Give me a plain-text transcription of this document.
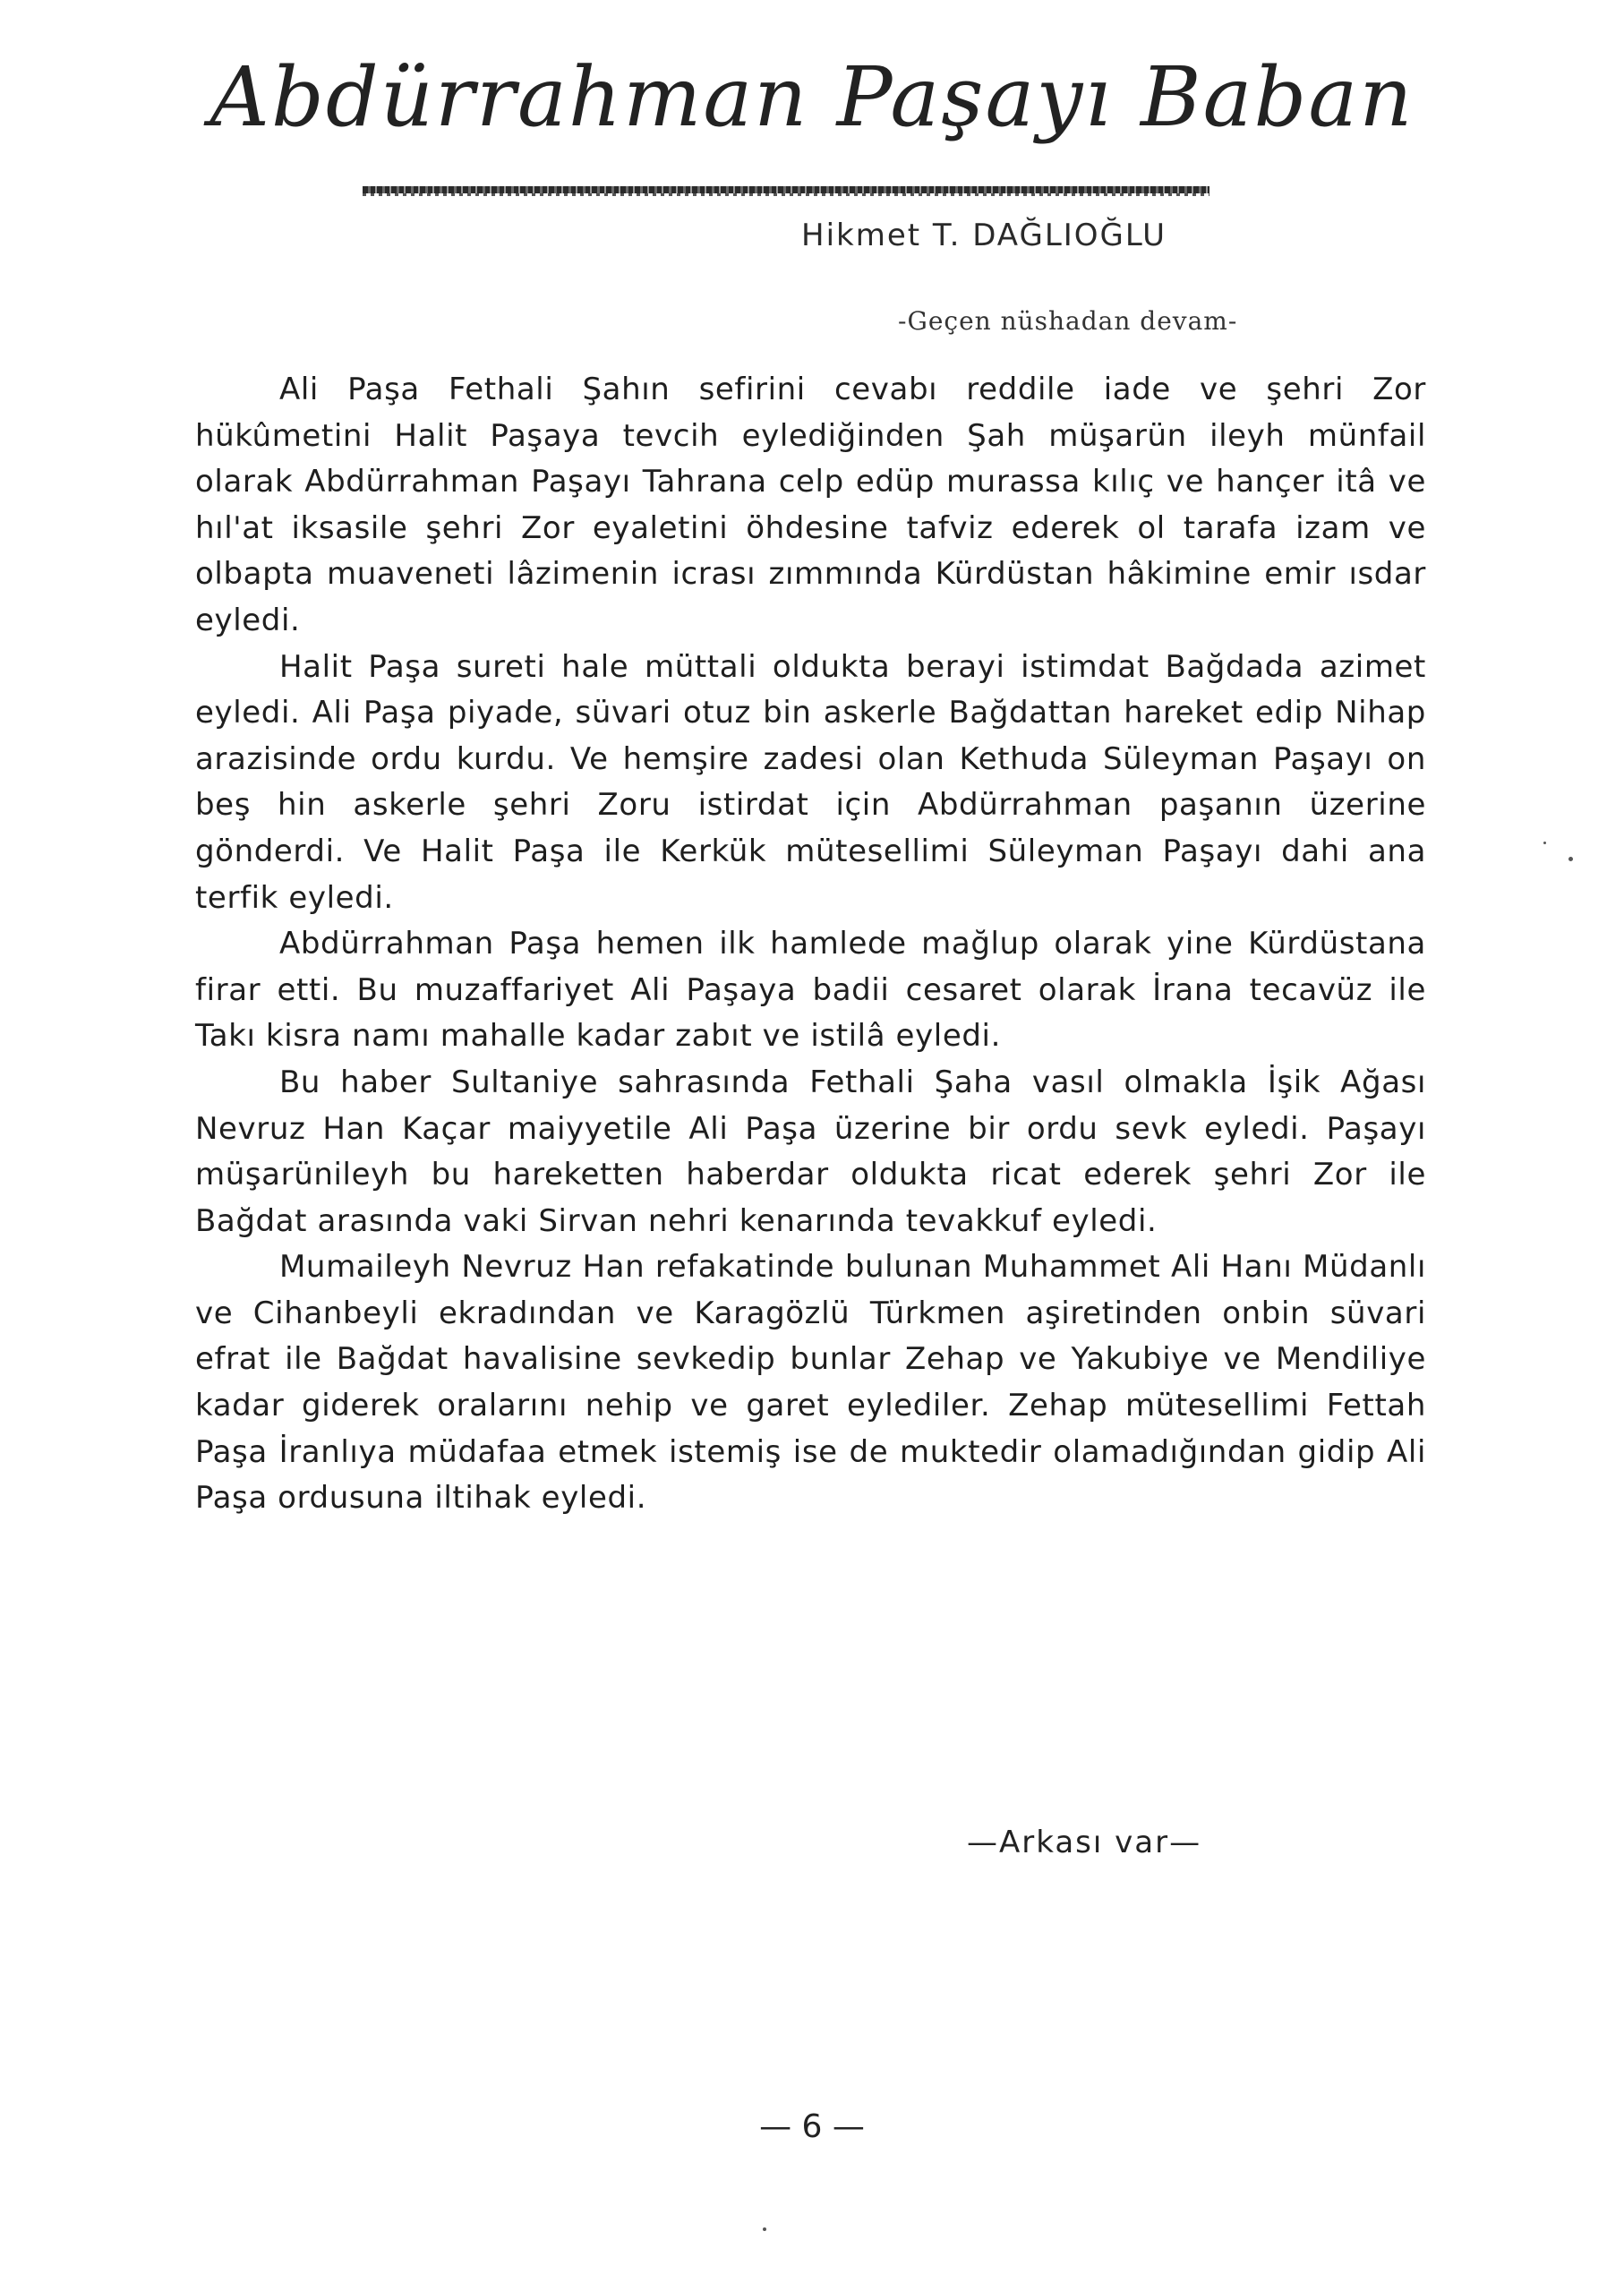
Abdürrahman Paşayı Baban
Hikmet T. DAĞLIOĞLU
-Geçen nüshadan devam-

Ali Paşa Fethali Şahın sefirini cevabı reddile iade ve şehri Zor hükûmetini Halit Paşaya tevcih eylediğinden Şah müşarün ileyh münfail olarak Abdürrahman Paşayı Tahrana celp edüp murassa kılıç ve hançer itâ ve hıl'at iksasile şehri Zor eyaletini öhdesine tafviz ederek ol tarafa izam ve olbapta muaveneti lâzimenin icrası zımmında Kürdüstan hâkimine emir ısdar eyledi.

Halit Paşa sureti hale müttali oldukta berayi istimdat Bağdada azimet eyledi. Ali Paşa piyade, süvari otuz bin askerle Bağdattan hareket edip Nihap arazisinde ordu kurdu. Ve hemşire zadesi olan Kethuda Süleyman Paşayı on beş hin askerle şehri Zoru istirdat için Abdürrahman paşanın üzerine gönderdi. Ve Halit Paşa ile Kerkük mütesellimi Süleyman Paşayı dahi ana terfik eyledi.

Abdürrahman Paşa hemen ilk hamlede mağlup olarak yine Kürdüstana firar etti. Bu muzaffariyet Ali Paşaya badii cesaret olarak İrana tecavüz ile Takı kisra namı mahalle kadar zabıt ve istilâ eyledi.

Bu haber Sultaniye sahrasında Fethali Şaha vasıl olmakla İşik Ağası Nevruz Han Kaçar maiyyetile Ali Paşa üzerine bir ordu sevk eyledi. Paşayı müşarünileyh bu hareketten haberdar oldukta ricat ederek şehri Zor ile Bağdat arasında vaki Sirvan nehri kenarında tevakkuf eyledi.

Mumaileyh Nevruz Han refakatinde bulunan Muhammet Ali Hanı Müdanlı ve Cihanbeyli ekradından ve Karagözlü Türkmen aşiretinden onbin süvari efrat ile Bağdat havalisine sevkedip bunlar Zehap ve Yakubiye ve Mendiliye kadar giderek oralarını nehip ve garet eylediler. Zehap mütesellimi Fettah Paşa İranlıya müdafaa etmek istemiş ise de muktedir olamadığından gidip Ali Paşa ordusuna iltihak eyledi.

—Arkası var—
— 6 —
